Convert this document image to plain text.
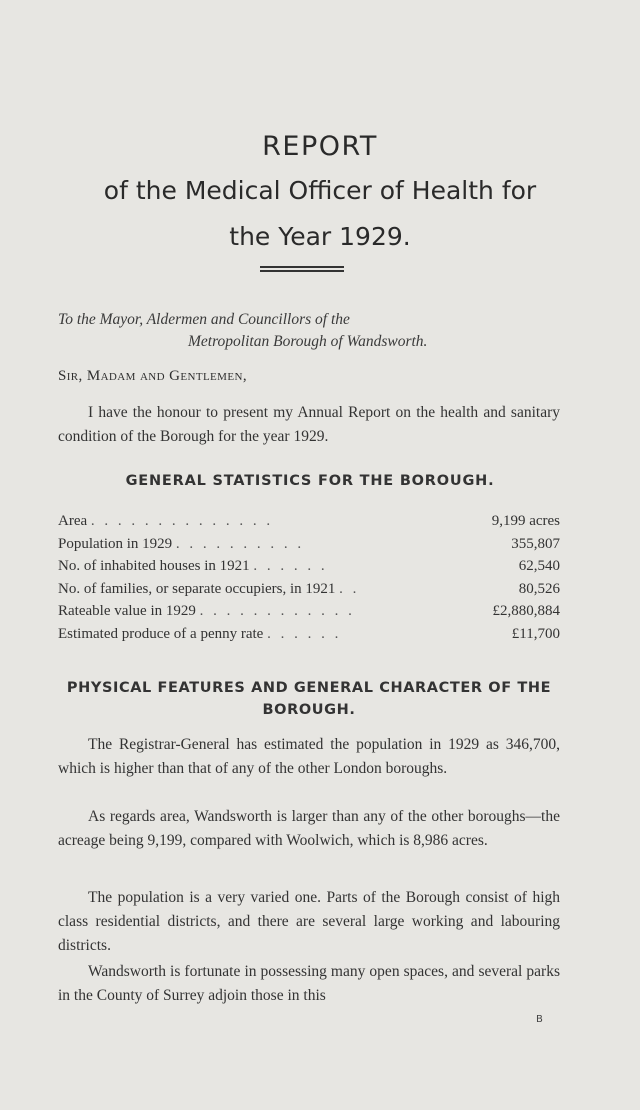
REPORT
of the Medical Officer of Health for
the Year 1929.

To the Mayor, Aldermen and Councillors of the

Metropolitan Borough of Wandsworth.

Sir, Madam and Gentlemen,

I have the honour to present my Annual Report on the health and sanitary condition of the Borough for the year 1929.

GENERAL STATISTICS FOR THE BOROUGH.
Area . . . . . . . . . . . . . .	9,199 acres
Population in 1929 . . . . . . . . . .	355,807
No. of inhabited houses in 1921 . . . . . .	62,540
No. of families, or separate occupiers, in 1921 . .	80,526
Rateable value in 1929 . . . . . . . . . . . .	£2,880,884
Estimated produce of a penny rate . . . . . .	£11,700
PHYSICAL FEATURES AND GENERAL CHARACTER OF THE BOROUGH.

The Registrar-General has estimated the population in 1929 as 346,700, which is higher than that of any of the other London boroughs.

As regards area, Wandsworth is larger than any of the other boroughs—the acreage being 9,199, compared with Woolwich, which is 8,986 acres.

The population is a very varied one. Parts of the Borough consist of high class residential districts, and there are several large working and labouring districts.

Wandsworth is fortunate in possessing many open spaces, and several parks in the County of Surrey adjoin those in this

B
